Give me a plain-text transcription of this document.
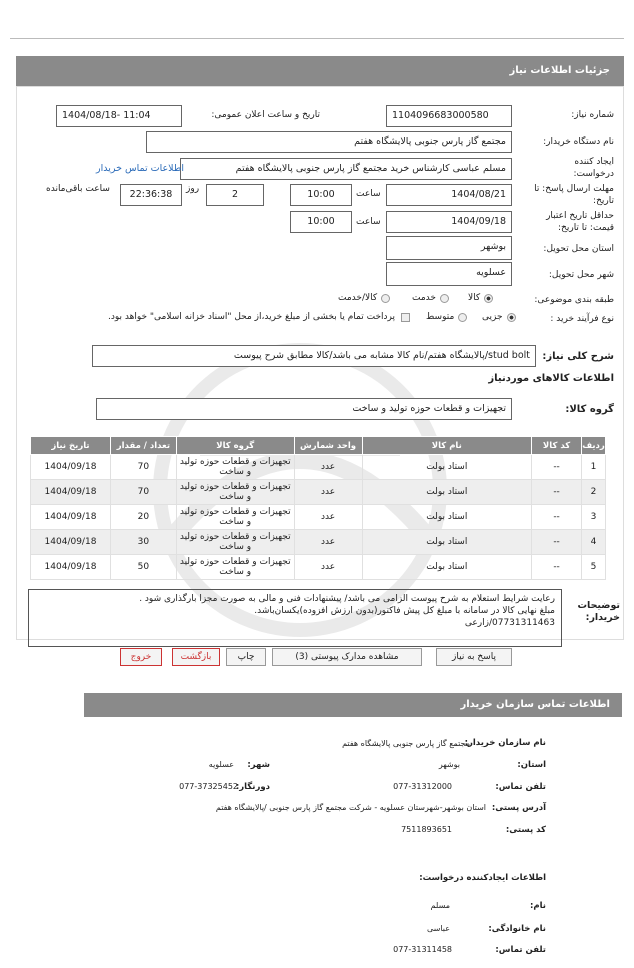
جزئیات اطلاعات نیاز
شماره نیاز:
1104096683000580
تاریخ و ساعت اعلان عمومی:
1404/08/18- 11:04
نام دستگاه خریدار:
مجتمع گاز پارس جنوبی پالایشگاه هفتم
ایجاد کننده درخواست:
مسلم عباسی کارشناس خرید مجتمع گاز پارس جنوبی پالایشگاه هفتم
اطلاعات تماس خریدار
مهلت ارسال پاسخ: تا تاریخ:
1404/08/21
ساعت
10:00
2
روز
22:36:38
ساعت باقی‌مانده
حداقل تاریخ اعتبار قیمت: تا تاریخ:
1404/09/18
ساعت
10:00
استان محل تحویل:
بوشهر
شهر محل تحویل:
عسلویه
طبقه بندی موضوعی:
کالا
خدمت
کالا/خدمت
نوع فرآیند خرید :
جزیی
متوسط
پرداخت تمام یا بخشی از مبلغ خرید،از محل "اسناد خزانه اسلامی" خواهد بود.
شرح کلی نیاز:
stud bolt/پالایشگاه هفتم/نام کالا مشابه می باشد/کالا مطابق شرح پیوست
اطلاعات کالاهای موردنیاز
گروه کالا:
تجهیزات و قطعات حوزه تولید و ساخت
ردیف	کد کالا	نام کالا	واحد شمارش	گروه کالا	تعداد / مقدار	تاریخ نیاز
1	--	استاد بولت	عدد	تجهیزات و قطعات حوزه تولید و ساخت	70	1404/09/18
2	--	استاد بولت	عدد	تجهیزات و قطعات حوزه تولید و ساخت	70	1404/09/18
3	--	استاد بولت	عدد	تجهیزات و قطعات حوزه تولید و ساخت	20	1404/09/18
4	--	استاد بولت	عدد	تجهیزات و قطعات حوزه تولید و ساخت	30	1404/09/18
5	--	استاد بولت	عدد	تجهیزات و قطعات حوزه تولید و ساخت	50	1404/09/18
توضیحات خریدار:
رعایت شرایط استعلام به شرح پیوست الزامی می باشد/ پیشنهادات فنی و مالی به صورت مجزا بارگذاری شود .
مبلغ نهایی کالا در سامانه با مبلغ کل پیش فاکتور(بدون ارزش افزوده)یکسان‌باشد.
07731311463/زارعی
پاسخ به نیاز
مشاهده مدارک پیوستی (3)
چاپ
بازگشت
خروج
اطلاعات تماس سازمان خریدار
نام سازمان خریدار:
مجتمع گاز پارس جنوبی پالایشگاه هفتم
استان:
بوشهر
شهر:
عسلویه
تلفن تماس:
077-31312000
دورنگار:
077-37325452
آدرس پستی:
استان بوشهر-شهرستان عسلویه - شرکت مجتمع گاز پارس جنوبی /پالایشگاه هفتم
کد پستی:
7511893651
اطلاعات ایجادکننده درخواست:
نام:
مسلم
نام خانوادگی:
عباسی
تلفن تماس:
077-31311458
